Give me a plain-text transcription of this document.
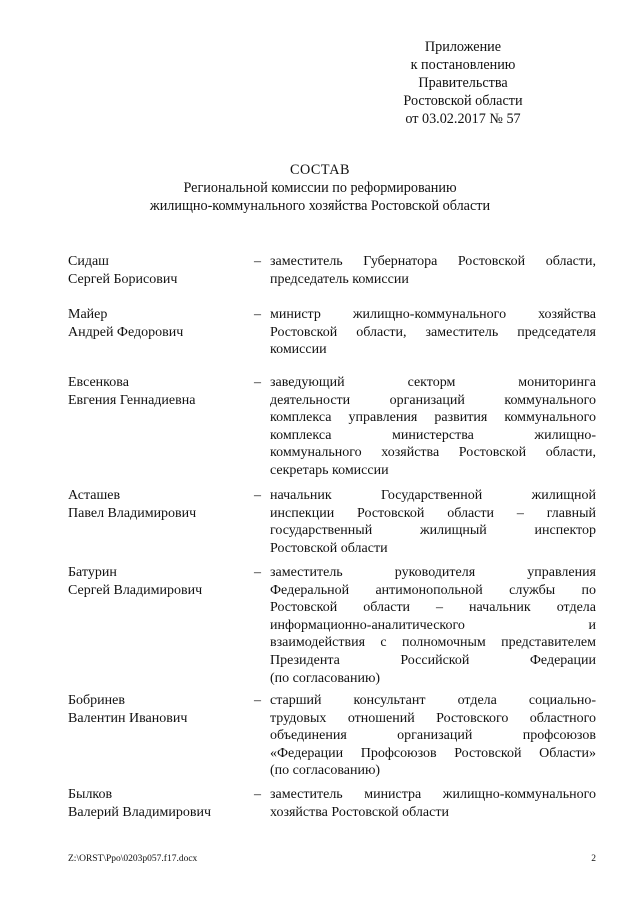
Приложение
к постановлению
Правительства
Ростовской области
от 03.02.2017 № 57
СОСТАВ
Региональной комиссии по реформированию
жилищно-коммунального хозяйства Ростовской области
Сидаш
Сергей Борисович
– заместитель Губернатора Ростовской области,
председатель комиссии
Майер
Андрей Федорович
– министр жилищно-коммунального хозяйства
Ростовской области, заместитель председателя
комиссии
Евсенкова
Евгения Геннадиевна
– заведующий секторм мониторинга
деятельности организаций коммунального
комплекса управления развития коммунального
комплекса министерства жилищно-
коммунального хозяйства Ростовской области,
секретарь комиссии
Асташев
Павел Владимирович
– начальник Государственной жилищной
инспекции Ростовской области – главный
государственный жилищный инспектор
Ростовской области
Батурин
Сергей Владимирович
– заместитель руководителя управления
Федеральной антимонопольной службы по
Ростовской области – начальник отдела
информационно-аналитического и
взаимодействия с полномочным представителем
Президента Российской Федерации
(по согласованию)
Бобринев
Валентин Иванович
– старший консультант отдела социально-
трудовых отношений Ростовского областного
объединения организаций профсоюзов
«Федерации Профсоюзов Ростовской Области»
(по согласованию)
Былков
Валерий Владимирович
– заместитель министра жилищно-коммунального
хозяйства Ростовской области
Z:\ORST\Ppo\0203p057.f17.docx	2
